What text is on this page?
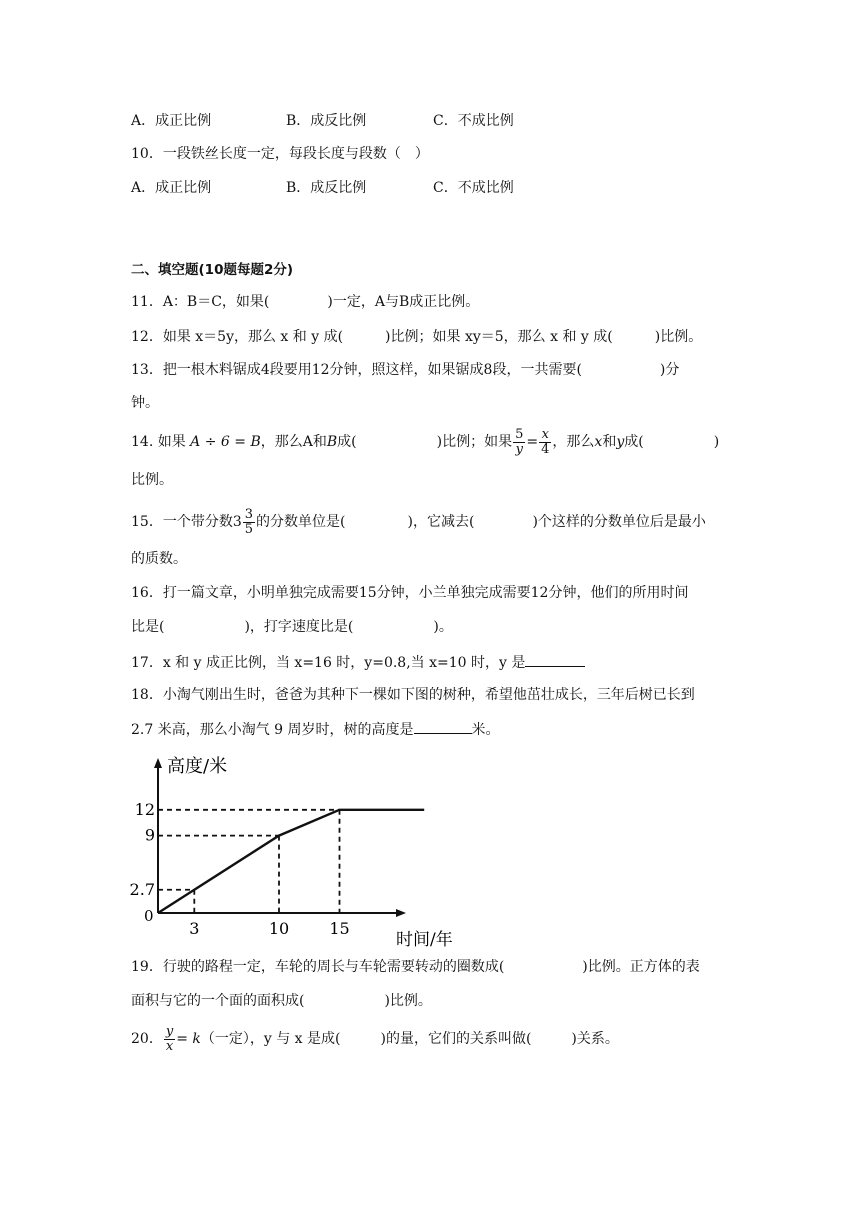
A．成正比例	B．成反比例	C．不成比例
10．一段铁丝长度一定，每段长度与段数（　）
A．成正比例	B．成反比例	C．不成比例
二、填空题(10题每题2分)
11．A：B＝C，如果(	)一定，A与B成正比例。
12．如果 x＝5y，那么 x 和 y 成(	)比例；如果 xy＝5，那么 x 和 y 成(	)比例。
13．把一根木料锯成4段要用12分钟，照这样，如果锯成8段，一共需要(	)分
钟。
14. 如果 A ÷ 6 = B，那么A和B成(	)比例；如果 $\frac{5}{y} = \frac{x}{4}$ ，那么x和y成(	)
比例。
15．一个带分数$3 \frac{3}{5}$ 的分数单位是(	)，它减去(	)个这样的分数单位后是最小
的质数。
16．打一篇文章，小明单独完成需要15分钟，小兰单独完成需要12分钟，他们的所用时间
比是(	)，打字速度比是(	)。
17．x 和 y 成正比例，当 x=16 时，y=0.8,当 x=10 时，y 是
18．小淘气刚出生时，爸爸为其种下一棵如下图的树种，希望他茁壮成长，三年后树已长到
2.7 米高，那么小淘气 9 周岁时，树的高度是	米。
0
3	10	15
2.7
9
12
高度/米
时间/年
19．行驶的路程一定，车轮的周长与车轮需要转动的圈数成(	)比例。正方体的表
面积与它的一个面的面积成(	)比例。
20． $\frac{y}{x} = k$（一定），y 与 x 是成(	)的量，它们的关系叫做(	)关系。
